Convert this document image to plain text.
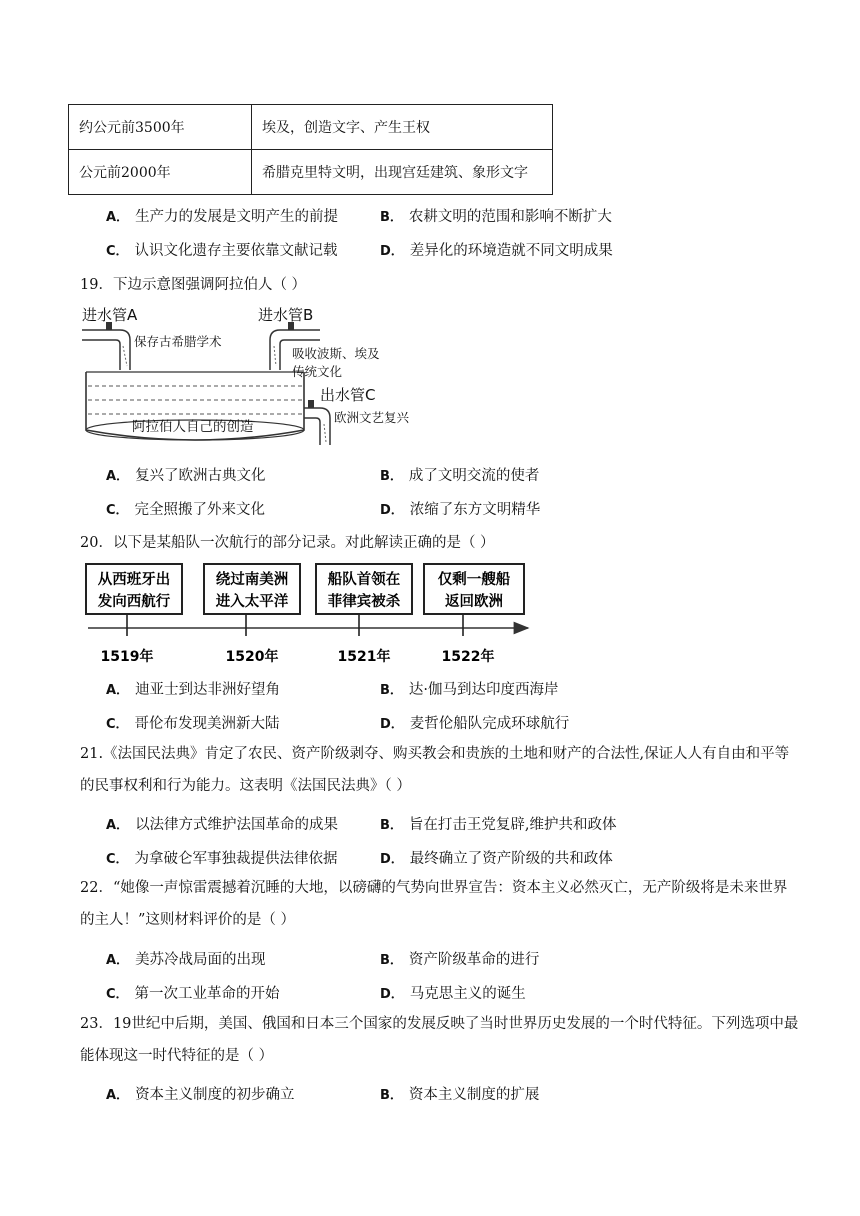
约公元前3500年	埃及，创造文字、产生王权
公元前2000年	希腊克里特文明，出现宫廷建筑、象形文字
A． 生产力的发展是文明产生的前提	B． 农耕文明的范围和影响不断扩大
C． 认识文化遗存主要依靠文献记载	D． 差异化的环境造就不同文明成果
19．下边示意图强调阿拉伯人（ ）
进水管A
保存古希腊学术
进水管B
吸收波斯、埃及
传统文化
出水管C
欧洲文艺复兴
阿拉伯人自己的创造
A． 复兴了欧洲古典文化	B． 成了文明交流的使者
C． 完全照搬了外来文化	D． 浓缩了东方文明精华
20．以下是某船队一次航行的部分记录。对此解读正确的是（ ）
从西班牙出
发向西航行
1519年
绕过南美洲
进入太平洋
1520年
船队首领在
菲律宾被杀
1521年
仅剩一艘船
返回欧洲
1522年
A． 迪亚士到达非洲好望角	B． 达·伽马到达印度西海岸
C． 哥伦布发现美洲新大陆	D． 麦哲伦船队完成环球航行
21.《法国民法典》肯定了农民、资产阶级剥夺、购买教会和贵族的土地和财产的合法性,保证人人有自由和平等的民事权利和行为能力。这表明《法国民法典》（ ）
A． 以法律方式维护法国革命的成果	B． 旨在打击王党复辟,维护共和政体
C． 为拿破仑军事独裁提供法律依据	D． 最终确立了资产阶级的共和政体
22．“她像一声惊雷震撼着沉睡的大地，以磅礴的气势向世界宣告：资本主义必然灭亡，无产阶级将是未来世界的主人！”这则材料评价的是（ ）
A． 美苏冷战局面的出现	B． 资产阶级革命的进行
C． 第一次工业革命的开始	D． 马克思主义的诞生
23．19世纪中后期，美国、俄国和日本三个国家的发展反映了当时世界历史发展的一个时代特征。下列选项中最能体现这一时代特征的是（ ）
A． 资本主义制度的初步确立	B． 资本主义制度的扩展
